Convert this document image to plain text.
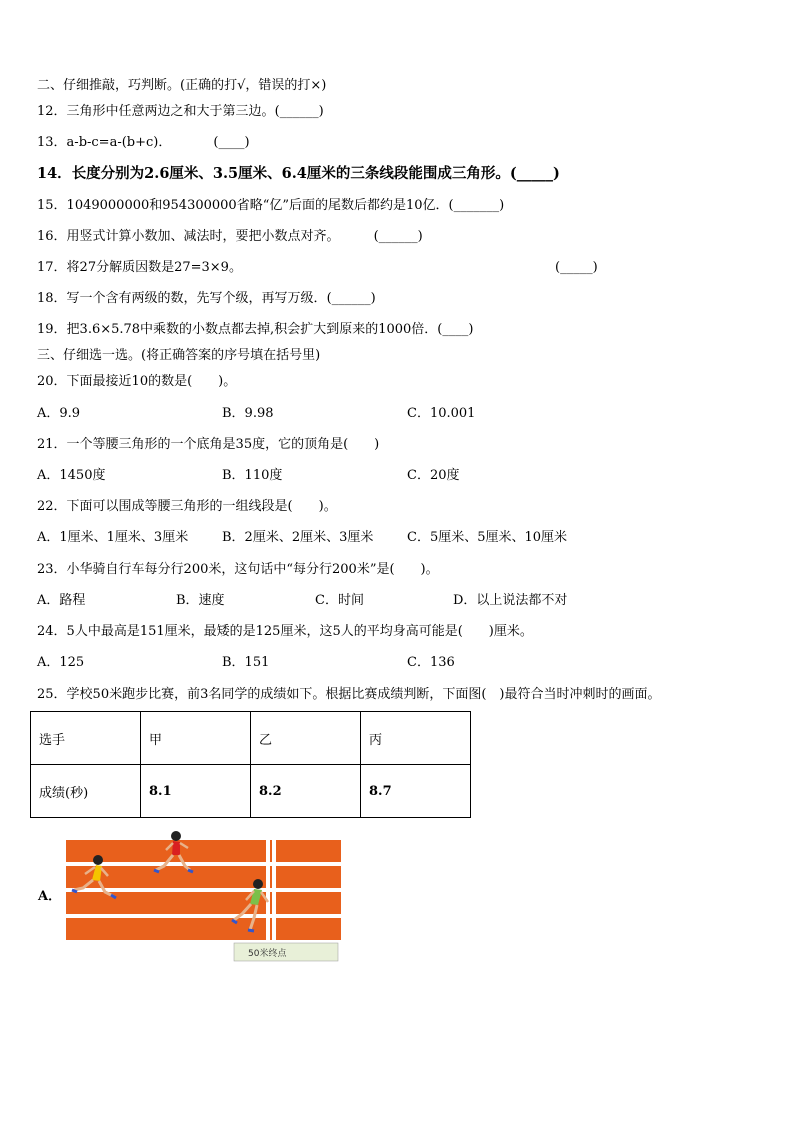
二、仔细推敲，巧判断。(正确的打√，错误的打×)
12．三角形中任意两边之和大于第三边。(______)
13．a-b-c=a-(b+c)．	(____)
14．长度分别为2.6厘米、3.5厘米、6.4厘米的三条线段能围成三角形。(_____)
15．1049000000和954300000省略“亿”后面的尾数后都约是10亿．(_______)
16．用竖式计算小数加、减法时，要把小数点对齐。	(______)
17．将27分解质因数是27=3×9。	(_____)
18．写一个含有两级的数，先写个级，再写万级．(______)
19．把3.6×5.78中乘数的小数点都去掉,积会扩大到原来的1000倍．(____)
三、仔细选一选。(将正确答案的序号填在括号里)
20．下面最接近10的数是(　　)。
A．9.9	B．9.98	C．10.001
21．一个等腰三角形的一个底角是35度，它的顶角是(　　)
A．1450度	B．110度	C．20度
22．下面可以围成等腰三角形的一组线段是(　　)。
A．1厘米、1厘米、3厘米	B．2厘米、2厘米、3厘米	C．5厘米、5厘米、10厘米
23．小华骑自行车每分行200米，这句话中“每分行200米”是(　　)。
A．路程	B．速度	C．时间	D．以上说法都不对
24．5人中最高是151厘米，最矮的是125厘米，这5人的平均身高可能是(　　)厘米。
A．125	B．151	C．136
25．学校50米跑步比赛，前3名同学的成绩如下。根据比赛成绩判断，下面图(　)最符合当时冲刺时的画面。
选手	甲	乙	丙
成绩(秒)	8.1	8.2	8.7
A．
50米终点
